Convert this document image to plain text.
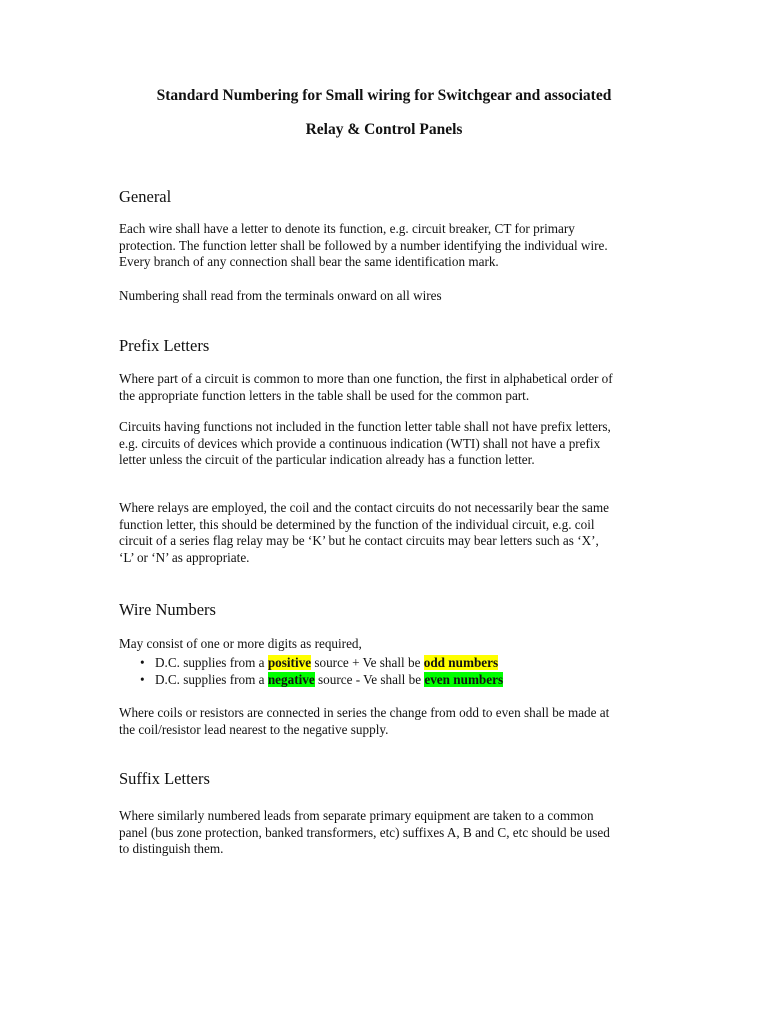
Standard Numbering for Small wiring for Switchgear and associated
Relay & Control Panels
General

Each wire shall have a letter to denote its function, e.g. circuit breaker, CT for primary
protection. The function letter shall be followed by a number identifying the individual wire.
Every branch of any connection shall bear the same identification mark.

Numbering shall read from the terminals onward on all wires

Prefix Letters

Where part of a circuit is common to more than one function, the first in alphabetical order of
the appropriate function letters in the table shall be used for the common part.

Circuits having functions not included in the function letter table shall not have prefix letters,
e.g. circuits of devices which provide a continuous indication (WTI) shall not have a prefix
letter unless the circuit of the particular indication already has a function letter.

Where relays are employed, the coil and the contact circuits do not necessarily bear the same
function letter, this should be determined by the function of the individual circuit, e.g. coil
circuit of a series flag relay may be ‘K’ but he contact circuits may bear letters such as ‘X’,
‘L’ or ‘N’ as appropriate.

Wire Numbers

May consist of one or more digits as required,

• D.C. supplies from a positive source + Ve shall be odd numbers
• D.C. supplies from a negative source - Ve shall be even numbers

Where coils or resistors are connected in series the change from odd to even shall be made at
the coil/resistor lead nearest to the negative supply.

Suffix Letters

Where similarly numbered leads from separate primary equipment are taken to a common
panel (bus zone protection, banked transformers, etc) suffixes A, B and C, etc should be used
to distinguish them.
